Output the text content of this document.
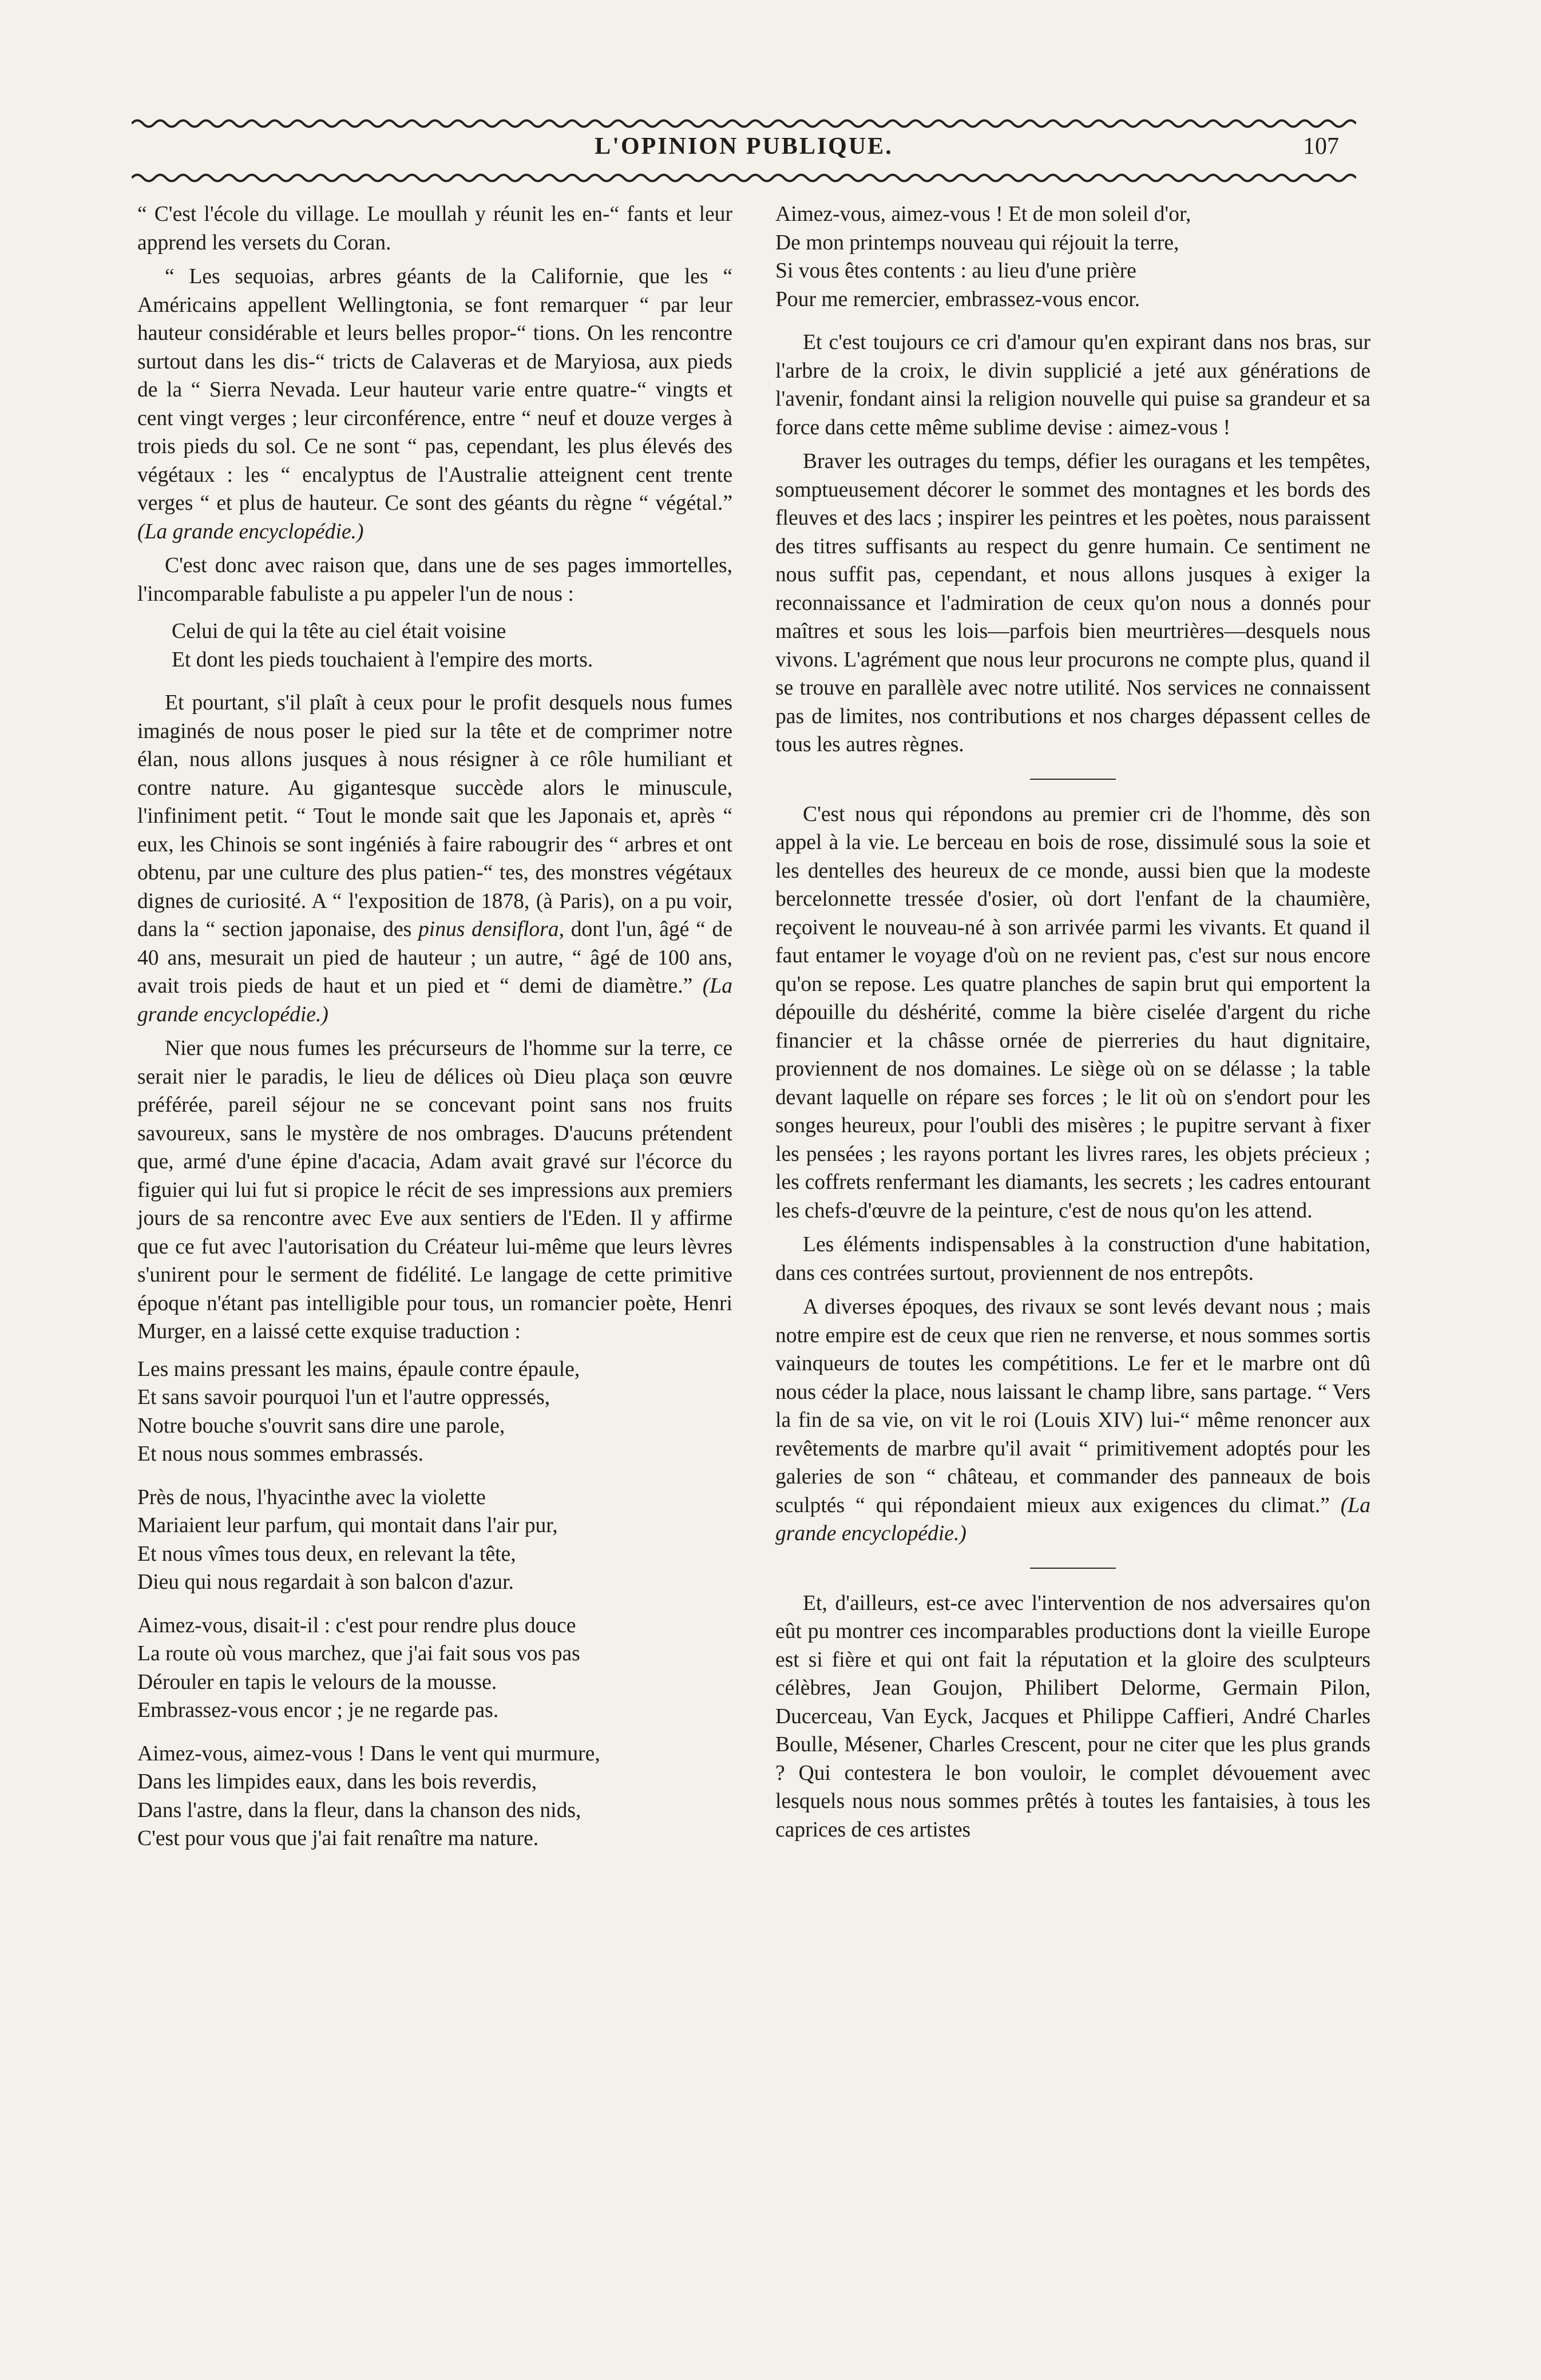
L'OPINION PUBLIQUE.	107

“ C'est l'école du village. Le moullah y réunit les en-“ fants et leur apprend les versets du Coran.

“ Les sequoias, arbres géants de la Californie, que les “ Américains appellent Wellingtonia, se font remarquer “ par leur hauteur considérable et leurs belles propor-“ tions. On les rencontre surtout dans les dis-“ tricts de Calaveras et de Maryiosa, aux pieds de la “ Sierra Nevada. Leur hauteur varie entre quatre-“ vingts et cent vingt verges ; leur circonférence, entre “ neuf et douze verges à trois pieds du sol. Ce ne sont “ pas, cependant, les plus élevés des végétaux : les “ encalyptus de l'Australie atteignent cent trente verges “ et plus de hauteur. Ce sont des géants du règne “ végétal.” (La grande encyclopédie.)

C'est donc avec raison que, dans une de ses pages immortelles, l'incomparable fabuliste a pu appeler l'un de nous :

Celui de qui la tête au ciel était voisine
Et dont les pieds touchaient à l'empire des morts.

Et pourtant, s'il plaît à ceux pour le profit desquels nous fumes imaginés de nous poser le pied sur la tête et de comprimer notre élan, nous allons jusques à nous résigner à ce rôle humiliant et contre nature. Au gigantesque succède alors le minuscule, l'infiniment petit. “ Tout le monde sait que les Japonais et, après “ eux, les Chinois se sont ingéniés à faire rabougrir des “ arbres et ont obtenu, par une culture des plus patien-“ tes, des monstres végétaux dignes de curiosité. A “ l'exposition de 1878, (à Paris), on a pu voir, dans la “ section japonaise, des pinus densiflora, dont l'un, âgé “ de 40 ans, mesurait un pied de hauteur ; un autre, “ âgé de 100 ans, avait trois pieds de haut et un pied et “ demi de diamètre.” (La grande encyclopédie.)

Nier que nous fumes les précurseurs de l'homme sur la terre, ce serait nier le paradis, le lieu de délices où Dieu plaça son œuvre préférée, pareil séjour ne se concevant point sans nos fruits savoureux, sans le mystère de nos ombrages. D'aucuns prétendent que, armé d'une épine d'acacia, Adam avait gravé sur l'écorce du figuier qui lui fut si propice le récit de ses impressions aux premiers jours de sa rencontre avec Eve aux sentiers de l'Eden. Il y affirme que ce fut avec l'autorisation du Créateur lui-même que leurs lèvres s'unirent pour le serment de fidélité. Le langage de cette primitive époque n'étant pas intelligible pour tous, un romancier poète, Henri Murger, en a laissé cette exquise traduction :

Les mains pressant les mains, épaule contre épaule,
Et sans savoir pourquoi l'un et l'autre oppressés,
Notre bouche s'ouvrit sans dire une parole,
Et nous nous sommes embrassés.
Près de nous, l'hyacinthe avec la violette
Mariaient leur parfum, qui montait dans l'air pur,
Et nous vîmes tous deux, en relevant la tête,
Dieu qui nous regardait à son balcon d'azur.
Aimez-vous, disait-il : c'est pour rendre plus douce
La route où vous marchez, que j'ai fait sous vos pas
Dérouler en tapis le velours de la mousse.
Embrassez-vous encor ; je ne regarde pas.
Aimez-vous, aimez-vous ! Dans le vent qui murmure,
Dans les limpides eaux, dans les bois reverdis,
Dans l'astre, dans la fleur, dans la chanson des nids,
C'est pour vous que j'ai fait renaître ma nature.
Aimez-vous, aimez-vous ! Et de mon soleil d'or,
De mon printemps nouveau qui réjouit la terre,
Si vous êtes contents : au lieu d'une prière
Pour me remercier, embrassez-vous encor.

Et c'est toujours ce cri d'amour qu'en expirant dans nos bras, sur l'arbre de la croix, le divin supplicié a jeté aux générations de l'avenir, fondant ainsi la religion nouvelle qui puise sa grandeur et sa force dans cette même sublime devise : aimez-vous !

Braver les outrages du temps, défier les ouragans et les tempêtes, somptueusement décorer le sommet des montagnes et les bords des fleuves et des lacs ; inspirer les peintres et les poètes, nous paraissent des titres suffisants au respect du genre humain. Ce sentiment ne nous suffit pas, cependant, et nous allons jusques à exiger la reconnaissance et l'admiration de ceux qu'on nous a donnés pour maîtres et sous les lois—parfois bien meurtrières—desquels nous vivons. L'agrément que nous leur procurons ne compte plus, quand il se trouve en parallèle avec notre utilité. Nos services ne connaissent pas de limites, nos contributions et nos charges dépassent celles de tous les autres règnes.

C'est nous qui répondons au premier cri de l'homme, dès son appel à la vie. Le berceau en bois de rose, dissimulé sous la soie et les dentelles des heureux de ce monde, aussi bien que la modeste bercelonnette tressée d'osier, où dort l'enfant de la chaumière, reçoivent le nouveau-né à son arrivée parmi les vivants. Et quand il faut entamer le voyage d'où on ne revient pas, c'est sur nous encore qu'on se repose. Les quatre planches de sapin brut qui emportent la dépouille du déshérité, comme la bière ciselée d'argent du riche financier et la châsse ornée de pierreries du haut dignitaire, proviennent de nos domaines. Le siège où on se délasse ; la table devant laquelle on répare ses forces ; le lit où on s'endort pour les songes heureux, pour l'oubli des misères ; le pupitre servant à fixer les pensées ; les rayons portant les livres rares, les objets précieux ; les coffrets renfermant les diamants, les secrets ; les cadres entourant les chefs-d'œuvre de la peinture, c'est de nous qu'on les attend.

Les éléments indispensables à la construction d'une habitation, dans ces contrées surtout, proviennent de nos entrepôts.

A diverses époques, des rivaux se sont levés devant nous ; mais notre empire est de ceux que rien ne renverse, et nous sommes sortis vainqueurs de toutes les compétitions. Le fer et le marbre ont dû nous céder la place, nous laissant le champ libre, sans partage. “ Vers la fin de sa vie, on vit le roi (Louis XIV) lui-“ même renoncer aux revêtements de marbre qu'il avait “ primitivement adoptés pour les galeries de son “ château, et commander des panneaux de bois sculptés “ qui répondaient mieux aux exigences du climat.” (La grande encyclopédie.)

Et, d'ailleurs, est-ce avec l'intervention de nos adversaires qu'on eût pu montrer ces incomparables productions dont la vieille Europe est si fière et qui ont fait la réputation et la gloire des sculpteurs célèbres, Jean Goujon, Philibert Delorme, Germain Pilon, Ducerceau, Van Eyck, Jacques et Philippe Caffieri, André Charles Boulle, Mésener, Charles Crescent, pour ne citer que les plus grands ? Qui contestera le bon vouloir, le complet dévouement avec lesquels nous nous sommes prêtés à toutes les fantaisies, à tous les caprices de ces artistes
